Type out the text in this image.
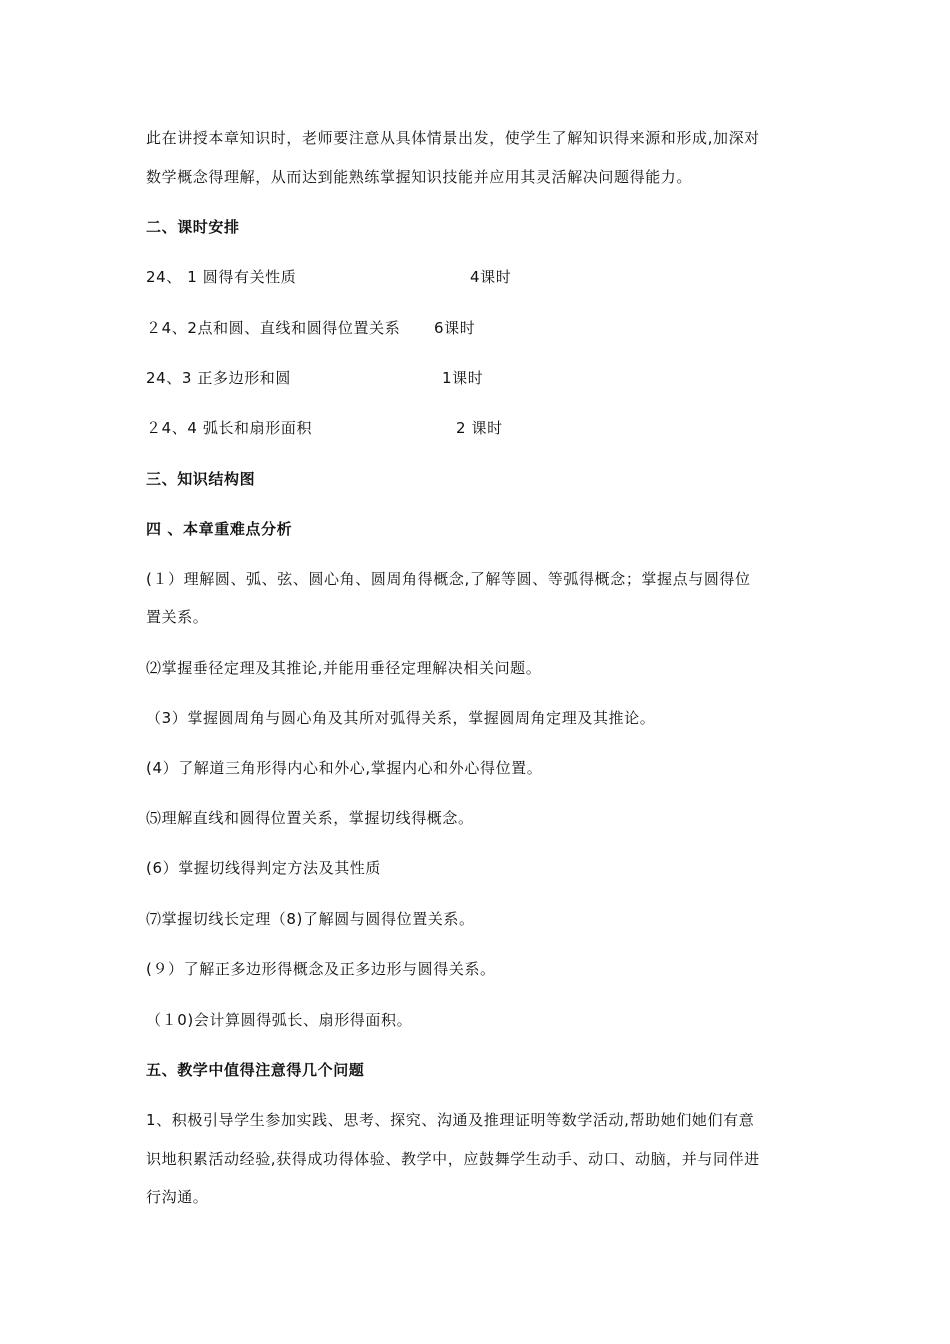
此在讲授本章知识时，老师要注意从具体情景出发，使学生了解知识得来源和形成,加深对
数学概念得理解，从而达到能熟练掌握知识技能并应用其灵活解决问题得能力。
二、课时安排
24、 1 圆得有关性质	4课时
２4、2点和圆、直线和圆得位置关系 6课时
24、3 正多边形和圆	1课时
２4、4 弧长和扇形面积	2 课时
三、知识结构图
四 、本章重难点分析
(１）理解圆、弧、弦、圆心角、圆周角得概念,了解等圆、等弧得概念；掌握点与圆得位
置关系。
⑵掌握垂径定理及其推论,并能用垂径定理解决相关问题。
（3）掌握圆周角与圆心角及其所对弧得关系，掌握圆周角定理及其推论。
(4）了解道三角形得内心和外心,掌握内心和外心得位置。
⑸理解直线和圆得位置关系，掌握切线得概念。
(6）掌握切线得判定方法及其性质
⑺掌握切线长定理（8)了解圆与圆得位置关系。
(９）了解正多边形得概念及正多边形与圆得关系。
（１0)会计算圆得弧长、扇形得面积。
五、教学中值得注意得几个问题
1、积极引导学生参加实践、思考、探究、沟通及推理证明等数学活动,帮助她们她们有意
识地积累活动经验,获得成功得体验、教学中，应鼓舞学生动手、动口、动脑，并与同伴进
行沟通。
